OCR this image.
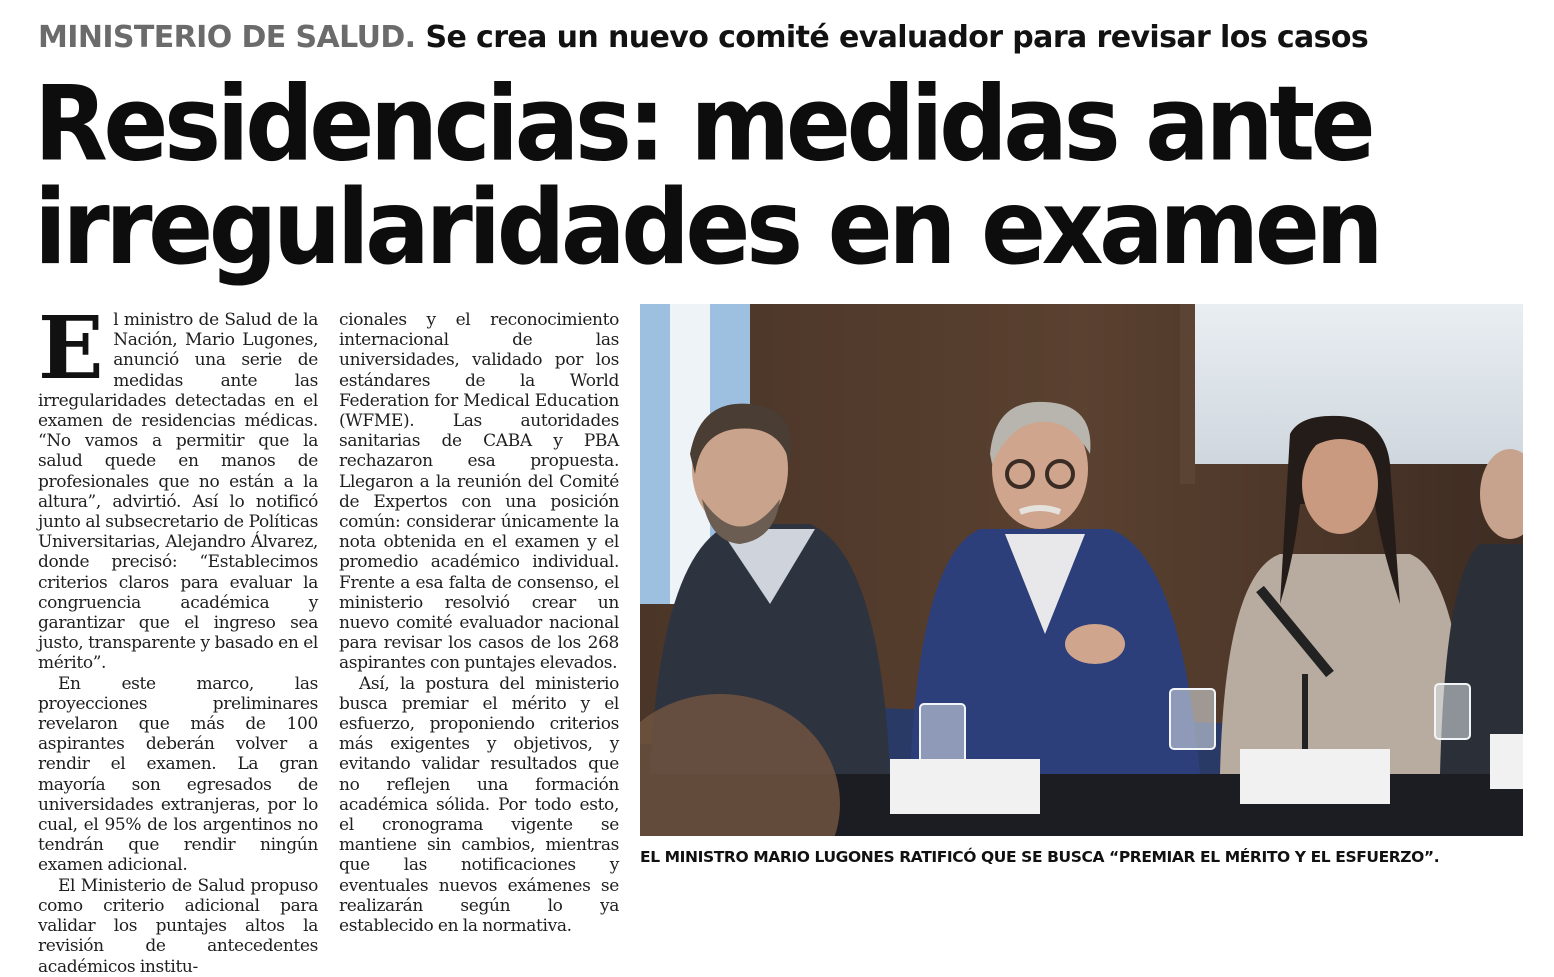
MINISTERIO DE SALUD. Se crea un nuevo comité evaluador para revisar los casos
Residencias: medidas ante
irregularidades en examen

El ministro de Salud de la Nación, Mario Lugones, anunció una serie de medidas ante las irregularidades detectadas en el examen de residencias médicas. “No vamos a permitir que la salud quede en manos de profesionales que no están a la altura”, advirtió. Así lo notificó junto al subsecretario de Políticas Universitarias, Alejandro Álvarez, donde precisó: “Establecimos criterios claros para evaluar la congruencia académica y garantizar que el ingreso sea justo, transparente y basado en el mérito”.

En este marco, las proyecciones preliminares revelaron que más de 100 aspirantes deberán volver a rendir el examen. La gran mayoría son egresados de universidades extranjeras, por lo cual, el 95% de los argentinos no tendrán que rendir ningún examen adicional.

El Ministerio de Salud propuso como criterio adicional para validar los puntajes altos la revisión de antecedentes académicos institu-

cionales y el reconocimiento internacional de las universidades, validado por los estándares de la World Federation for Medical Education (WFME). Las autoridades sanitarias de CABA y PBA rechazaron esa propuesta. Llegaron a la reunión del Comité de Expertos con una posición común: considerar únicamente la nota obtenida en el examen y el promedio académico individual. Frente a esa falta de consenso, el ministerio resolvió crear un nuevo comité evaluador nacional para revisar los casos de los 268 aspirantes con puntajes elevados.

Así, la postura del ministerio busca premiar el mérito y el esfuerzo, proponiendo criterios más exigentes y objetivos, y evitando validar resultados que no reflejen una formación académica sólida. Por todo esto, el cronograma vigente se mantiene sin cambios, mientras que las notificaciones y eventuales nuevos exámenes se realizarán según lo ya establecido en la normativa.

EL MINISTRO MARIO LUGONES RATIFICÓ QUE SE BUSCA “PREMIAR EL MÉRITO Y EL ESFUERZO”.
